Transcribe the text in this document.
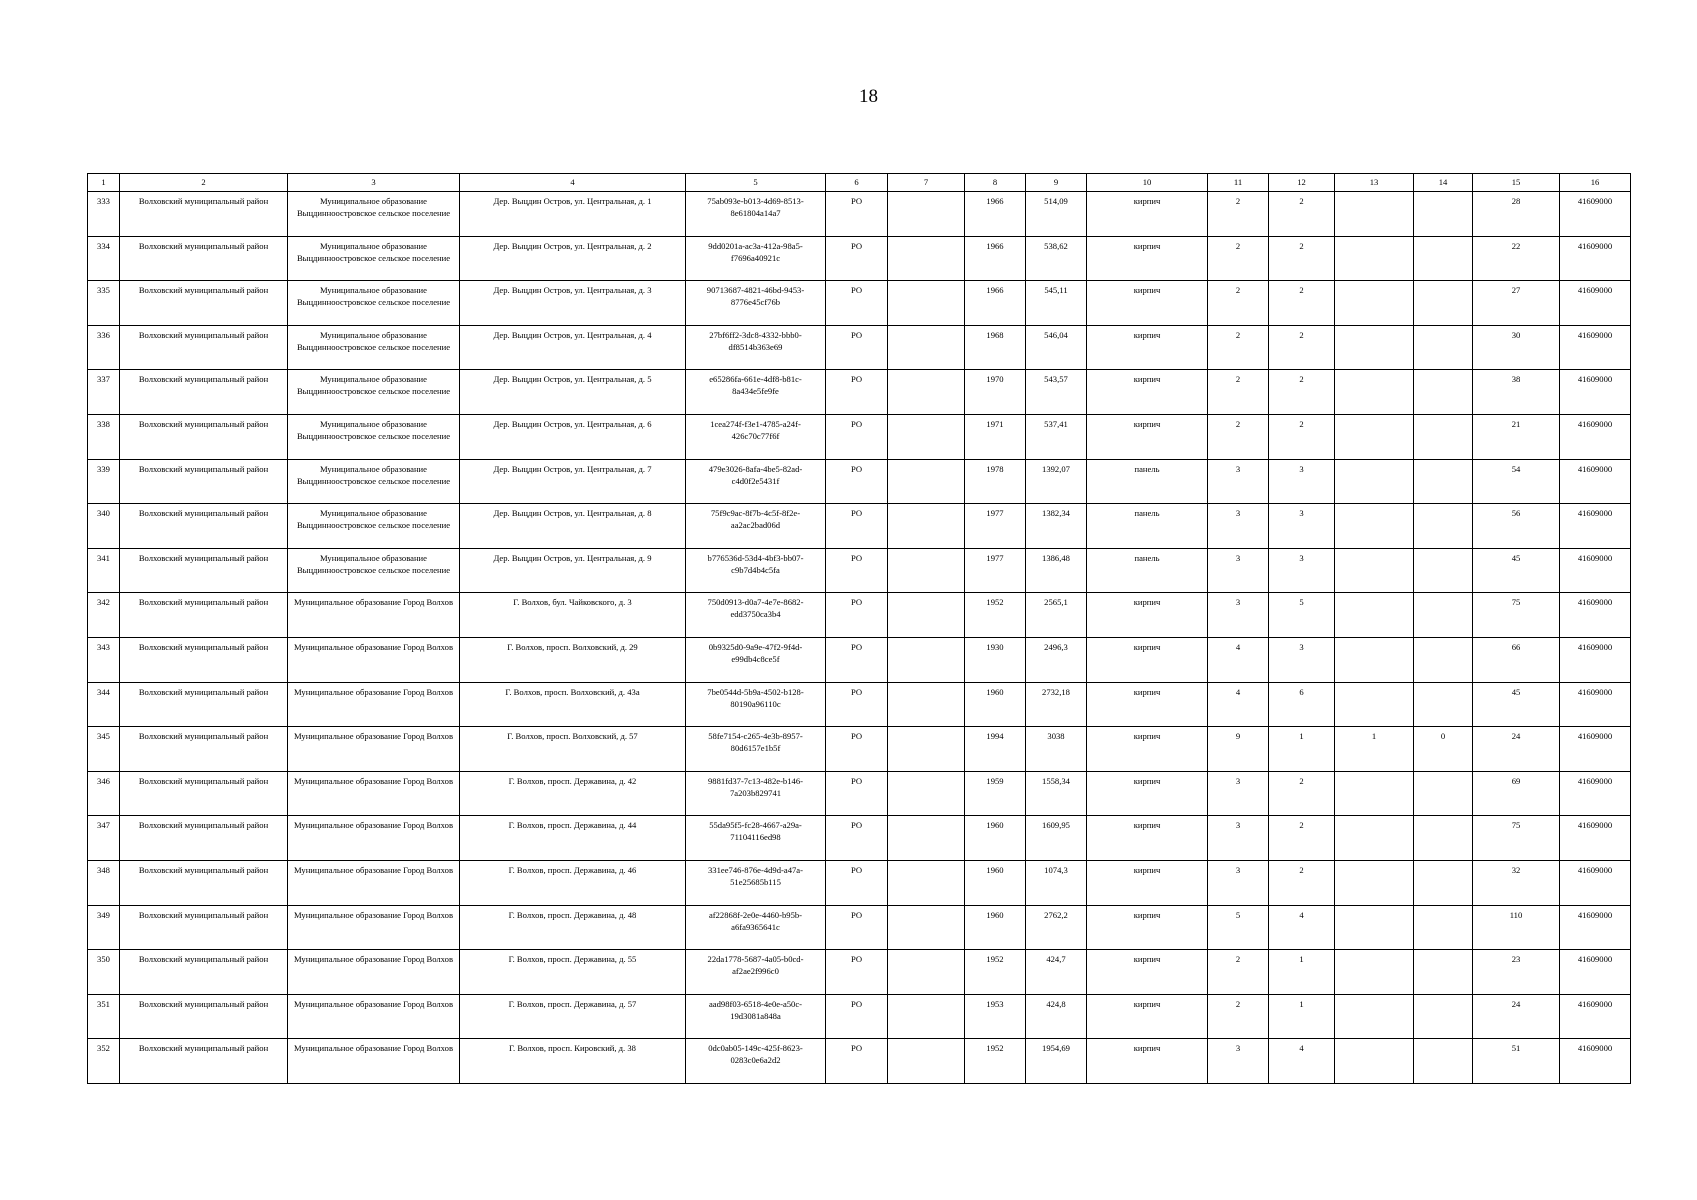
18
1	2	3	4	5	6	7	8	9	10	11	12	13	14	15	16
333	Волховский муниципальный район	Муниципальное образование Выцдинноостровское сельское поселение	Дер. Выцдин Остров, ул. Центральная, д. 1	75ab093e-b013-4d69-8513-8e61804a14a7	РО		1966	514,09	кирпич	2	2			28	41609000
334	Волховский муниципальный район	Муниципальное образование Выцдинноостровское сельское поселение	Дер. Выцдин Остров, ул. Центральная, д. 2	9dd0201a-ac3a-412a-98a5-f7696a40921c	РО		1966	538,62	кирпич	2	2			22	41609000
335	Волховский муниципальный район	Муниципальное образование Выцдинноостровское сельское поселение	Дер. Выцдин Остров, ул. Центральная, д. 3	90713687-4821-46bd-9453-8776e45cf76b	РО		1966	545,11	кирпич	2	2			27	41609000
336	Волховский муниципальный район	Муниципальное образование Выцдинноостровское сельское поселение	Дер. Выцдин Остров, ул. Центральная, д. 4	27bf6ff2-3dc8-4332-bbb0-df8514b363e69	РО		1968	546,04	кирпич	2	2			30	41609000
337	Волховский муниципальный район	Муниципальное образование Выцдинноостровское сельское поселение	Дер. Выцдин Остров, ул. Центральная, д. 5	e65286fa-661e-4df8-b81c-8a434e5fe9fe	РО		1970	543,57	кирпич	2	2			38	41609000
338	Волховский муниципальный район	Муниципальное образование Выцдинноостровское сельское поселение	Дер. Выцдин Остров, ул. Центральная, д. 6	1cea274f-f3e1-4785-a24f-426c70c77f6f	РО		1971	537,41	кирпич	2	2			21	41609000
339	Волховский муниципальный район	Муниципальное образование Выцдинноостровское сельское поселение	Дер. Выцдин Остров, ул. Центральная, д. 7	479e3026-8afa-4be5-82ad-c4d0f2e5431f	РО		1978	1392,07	панель	3	3			54	41609000
340	Волховский муниципальный район	Муниципальное образование Выцдинноостровское сельское поселение	Дер. Выцдин Остров, ул. Центральная, д. 8	75f9c9ac-8f7b-4c5f-8f2e-aa2ac2bad06d	РО		1977	1382,34	панель	3	3			56	41609000
341	Волховский муниципальный район	Муниципальное образование Выцдинноостровское сельское поселение	Дер. Выцдин Остров, ул. Центральная, д. 9	b776536d-53d4-4bf3-bb07-c9b7d4b4c5fa	РО		1977	1386,48	панель	3	3			45	41609000
342	Волховский муниципальный район	Муниципальное образование Город Волхов	Г. Волхов, бул. Чайковского, д. 3	750d0913-d0a7-4e7e-8682-edd3750ca3b4	РО		1952	2565,1	кирпич	3	5			75	41609000
343	Волховский муниципальный район	Муниципальное образование Город Волхов	Г. Волхов, просп. Волховский, д. 29	0b9325d0-9a9e-47f2-9f4d-e99db4c8ce5f	РО		1930	2496,3	кирпич	4	3			66	41609000
344	Волховский муниципальный район	Муниципальное образование Город Волхов	Г. Волхов, просп. Волховский, д. 43а	7be0544d-5b9a-4502-b128-80190a96110c	РО		1960	2732,18	кирпич	4	6			45	41609000
345	Волховский муниципальный район	Муниципальное образование Город Волхов	Г. Волхов, просп. Волховский, д. 57	58fe7154-c265-4e3b-8957-80d6157e1b5f	РО		1994	3038	кирпич	9	1	1	0	24	41609000
346	Волховский муниципальный район	Муниципальное образование Город Волхов	Г. Волхов, просп. Державина, д. 42	9881fd37-7c13-482e-b146-7a203b829741	РО		1959	1558,34	кирпич	3	2			69	41609000
347	Волховский муниципальный район	Муниципальное образование Город Волхов	Г. Волхов, просп. Державина, д. 44	55da95f5-fc28-4667-a29a-71104116ed98	РО		1960	1609,95	кирпич	3	2			75	41609000
348	Волховский муниципальный район	Муниципальное образование Город Волхов	Г. Волхов, просп. Державина, д. 46	331ee746-876e-4d9d-a47a-51e25685b115	РО		1960	1074,3	кирпич	3	2			32	41609000
349	Волховский муниципальный район	Муниципальное образование Город Волхов	Г. Волхов, просп. Державина, д. 48	af22868f-2e0e-4460-b95b-a6fa9365641c	РО		1960	2762,2	кирпич	5	4			110	41609000
350	Волховский муниципальный район	Муниципальное образование Город Волхов	Г. Волхов, просп. Державина, д. 55	22da1778-5687-4a05-b0cd-af2ae2f996c0	РО		1952	424,7	кирпич	2	1			23	41609000
351	Волховский муниципальный район	Муниципальное образование Город Волхов	Г. Волхов, просп. Державина, д. 57	aad98f03-6518-4e0e-a50c-19d3081a848a	РО		1953	424,8	кирпич	2	1			24	41609000
352	Волховский муниципальный район	Муниципальное образование Город Волхов	Г. Волхов, просп. Кировский, д. 38	0dc0ab05-149c-425f-8623-0283c0e6a2d2	РО		1952	1954,69	кирпич	3	4			51	41609000
